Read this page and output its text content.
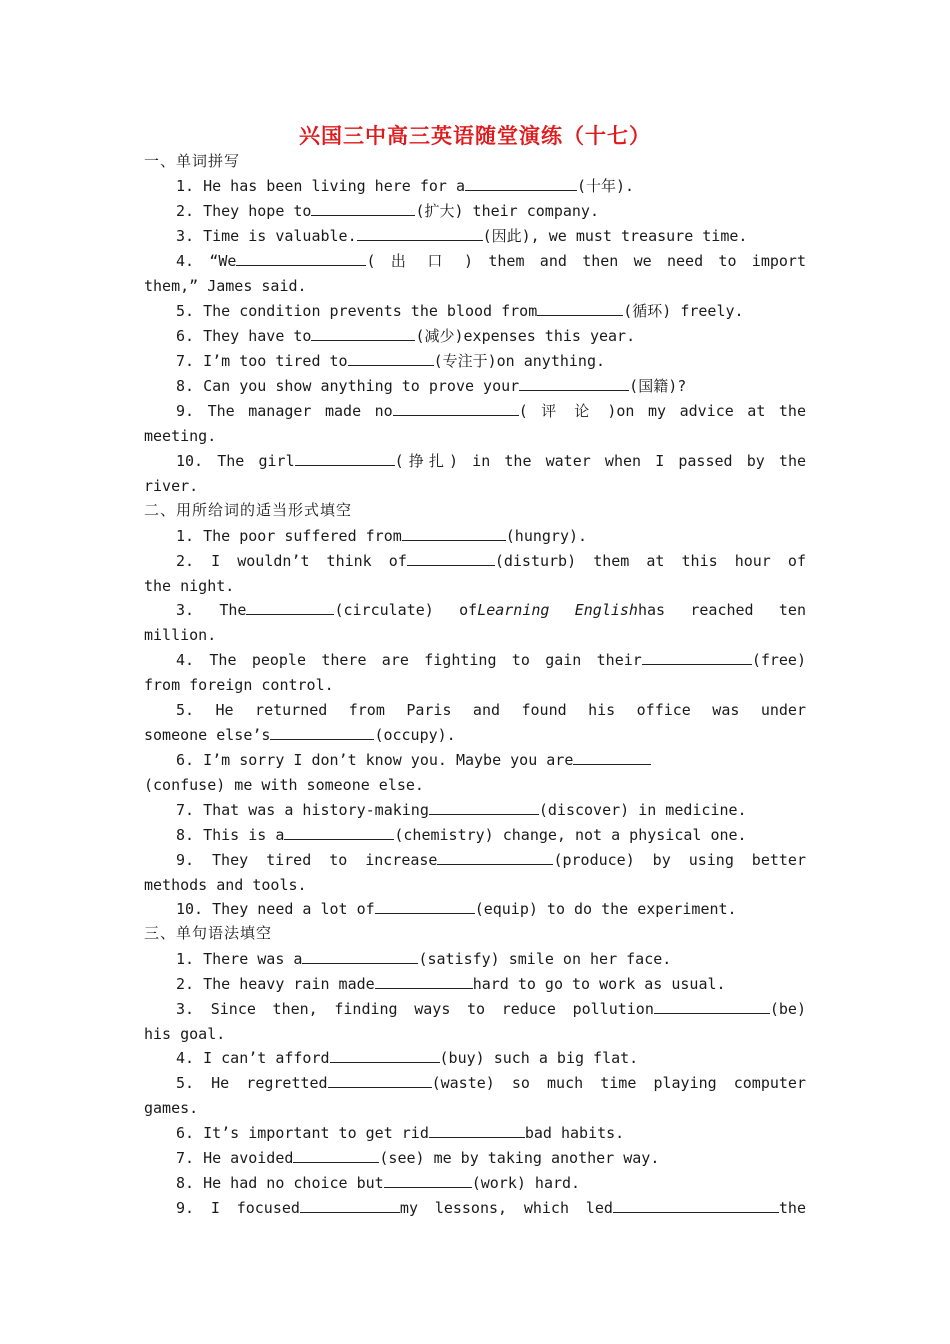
兴国三中高三英语随堂演练（十七）
一、单词拼写
1. He has been living here for a	(十年).
2. They hope to	(扩大) their company.
3. Time is valuable.	(因此), we must treasure time.
4. “We	( 出 口 ) them and then we need to import
them,” James said.
5. The condition prevents the blood from	(循环) freely.
6. They have to	(减少)expenses this year.
7. I’m too tired to	(专注于)on anything.
8. Can you show anything to prove your	(国籍)?
9. The manager made no	( 评 论 )on my advice at the
meeting.
10. The girl	(挣扎) in the water when I passed by the
river.
二、用所给词的适当形式填空
1. The poor suffered from	(hungry).
2. I wouldn’t think of	(disturb) them at this hour of
the night.
3. The	(circulate) ofLearning Englishhas reached ten
million.
4. The people there are fighting to gain their	(free)
from foreign control.
5. He returned from Paris and found his office was under
someone else’s	(occupy).
6. I’m sorry I don’t know you. Maybe you are
(confuse) me with someone else.
7. That was a history-making	(discover) in medicine.
8. This is a	(chemistry) change, not a physical one.
9. They tired to increase	(produce) by using better
methods and tools.
10. They need a lot of	(equip) to do the experiment.
三、单句语法填空
1. There was a	(satisfy) smile on her face.
2. The heavy rain made	hard to go to work as usual.
3. Since then, finding ways to reduce pollution	(be)
his goal.
4. I can’t afford	(buy) such a big flat.
5. He regretted	(waste) so much time playing computer
games.
6. It’s important to get rid	bad habits.
7. He avoided	(see) me by taking another way.
8. He had no choice but	(work) hard.
9. I focused	my lessons, which led	the
